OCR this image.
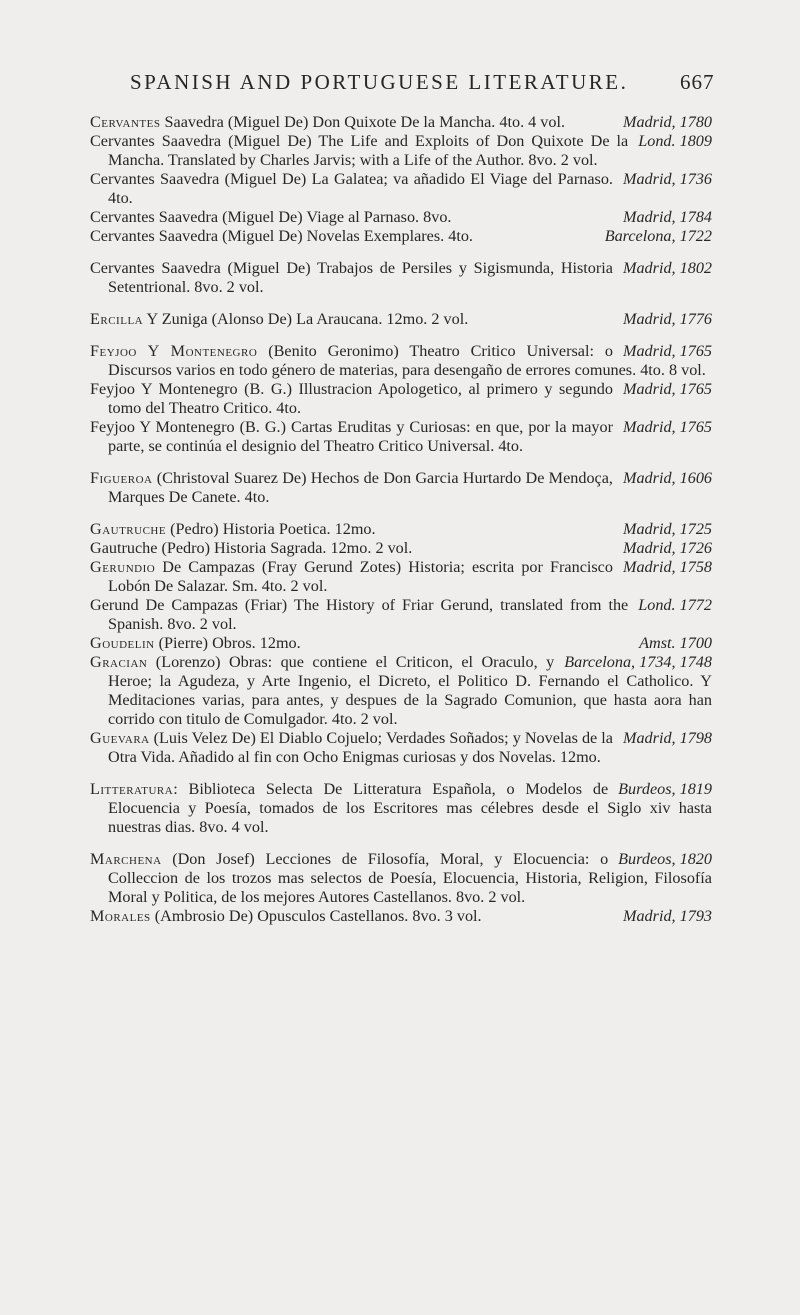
SPANISH AND PORTUGUESE LITERATURE. 667
Madrid, 1780
Cervantes Saavedra (Miguel De) Don Quixote De la Mancha. 4to. 4 vol.
Lond. 1809
Cervantes Saavedra (Miguel De) The Life and Exploits of Don Quixote De la Mancha. Translated by Charles Jarvis; with a Life of the Author. 8vo. 2 vol.
Madrid, 1736
Cervantes Saavedra (Miguel De) La Galatea; va añadido El Viage del Parnaso. 4to.
Madrid, 1784
Cervantes Saavedra (Miguel De) Viage al Parnaso. 8vo.
Barcelona, 1722
Cervantes Saavedra (Miguel De) Novelas Exemplares. 4to.
Madrid, 1802
Cervantes Saavedra (Miguel De) Trabajos de Persiles y Sigismunda, Historia Setentrional. 8vo. 2 vol.
Madrid, 1776
Ercilla Y Zuniga (Alonso De) La Araucana. 12mo. 2 vol.
Madrid, 1765
Feyjoo Y Montenegro (Benito Geronimo) Theatro Critico Universal: o Discursos varios en todo género de materias, para desengaño de errores comunes. 4to. 8 vol.
Madrid, 1765
Feyjoo Y Montenegro (B. G.) Illustracion Apologetico, al primero y segundo tomo del Theatro Critico. 4to.
Madrid, 1765
Feyjoo Y Montenegro (B. G.) Cartas Eruditas y Curiosas: en que, por la mayor parte, se continúa el designio del Theatro Critico Universal. 4to.
Madrid, 1606
Figueroa (Christoval Suarez De) Hechos de Don Garcia Hurtardo De Mendoça, Marques De Canete. 4to.
Madrid, 1725
Gautruche (Pedro) Historia Poetica. 12mo.
Madrid, 1726
Gautruche (Pedro) Historia Sagrada. 12mo. 2 vol.
Madrid, 1758
Gerundio De Campazas (Fray Gerund Zotes) Historia; escrita por Francisco Lobón De Salazar. Sm. 4to. 2 vol.
Lond. 1772
Gerund De Campazas (Friar) The History of Friar Gerund, translated from the Spanish. 8vo. 2 vol.
Amst. 1700
Goudelin (Pierre) Obros. 12mo.
Barcelona, 1734, 1748
Gracian (Lorenzo) Obras: que contiene el Criticon, el Oraculo, y Heroe; la Agudeza, y Arte Ingenio, el Dicreto, el Politico D. Fernando el Catholico. Y Meditaciones varias, para antes, y despues de la Sagrado Comunion, que hasta aora han corrido con titulo de Comulgador. 4to. 2 vol.
Madrid, 1798
Guevara (Luis Velez De) El Diablo Cojuelo; Verdades Soñados; y Novelas de la Otra Vida. Añadido al fin con Ocho Enigmas curiosas y dos Novelas. 12mo.
Burdeos, 1819
Litteratura: Biblioteca Selecta De Litteratura Española, o Modelos de Elocuencia y Poesía, tomados de los Escritores mas célebres desde el Siglo xiv hasta nuestras dias. 8vo. 4 vol.
Burdeos, 1820
Marchena (Don Josef) Lecciones de Filosofía, Moral, y Elocuencia: o Colleccion de los trozos mas selectos de Poesía, Elocuencia, Historia, Religion, Filosofía Moral y Politica, de los mejores Autores Castellanos. 8vo. 2 vol.
Madrid, 1793
Morales (Ambrosio De) Opusculos Castellanos. 8vo. 3 vol.
